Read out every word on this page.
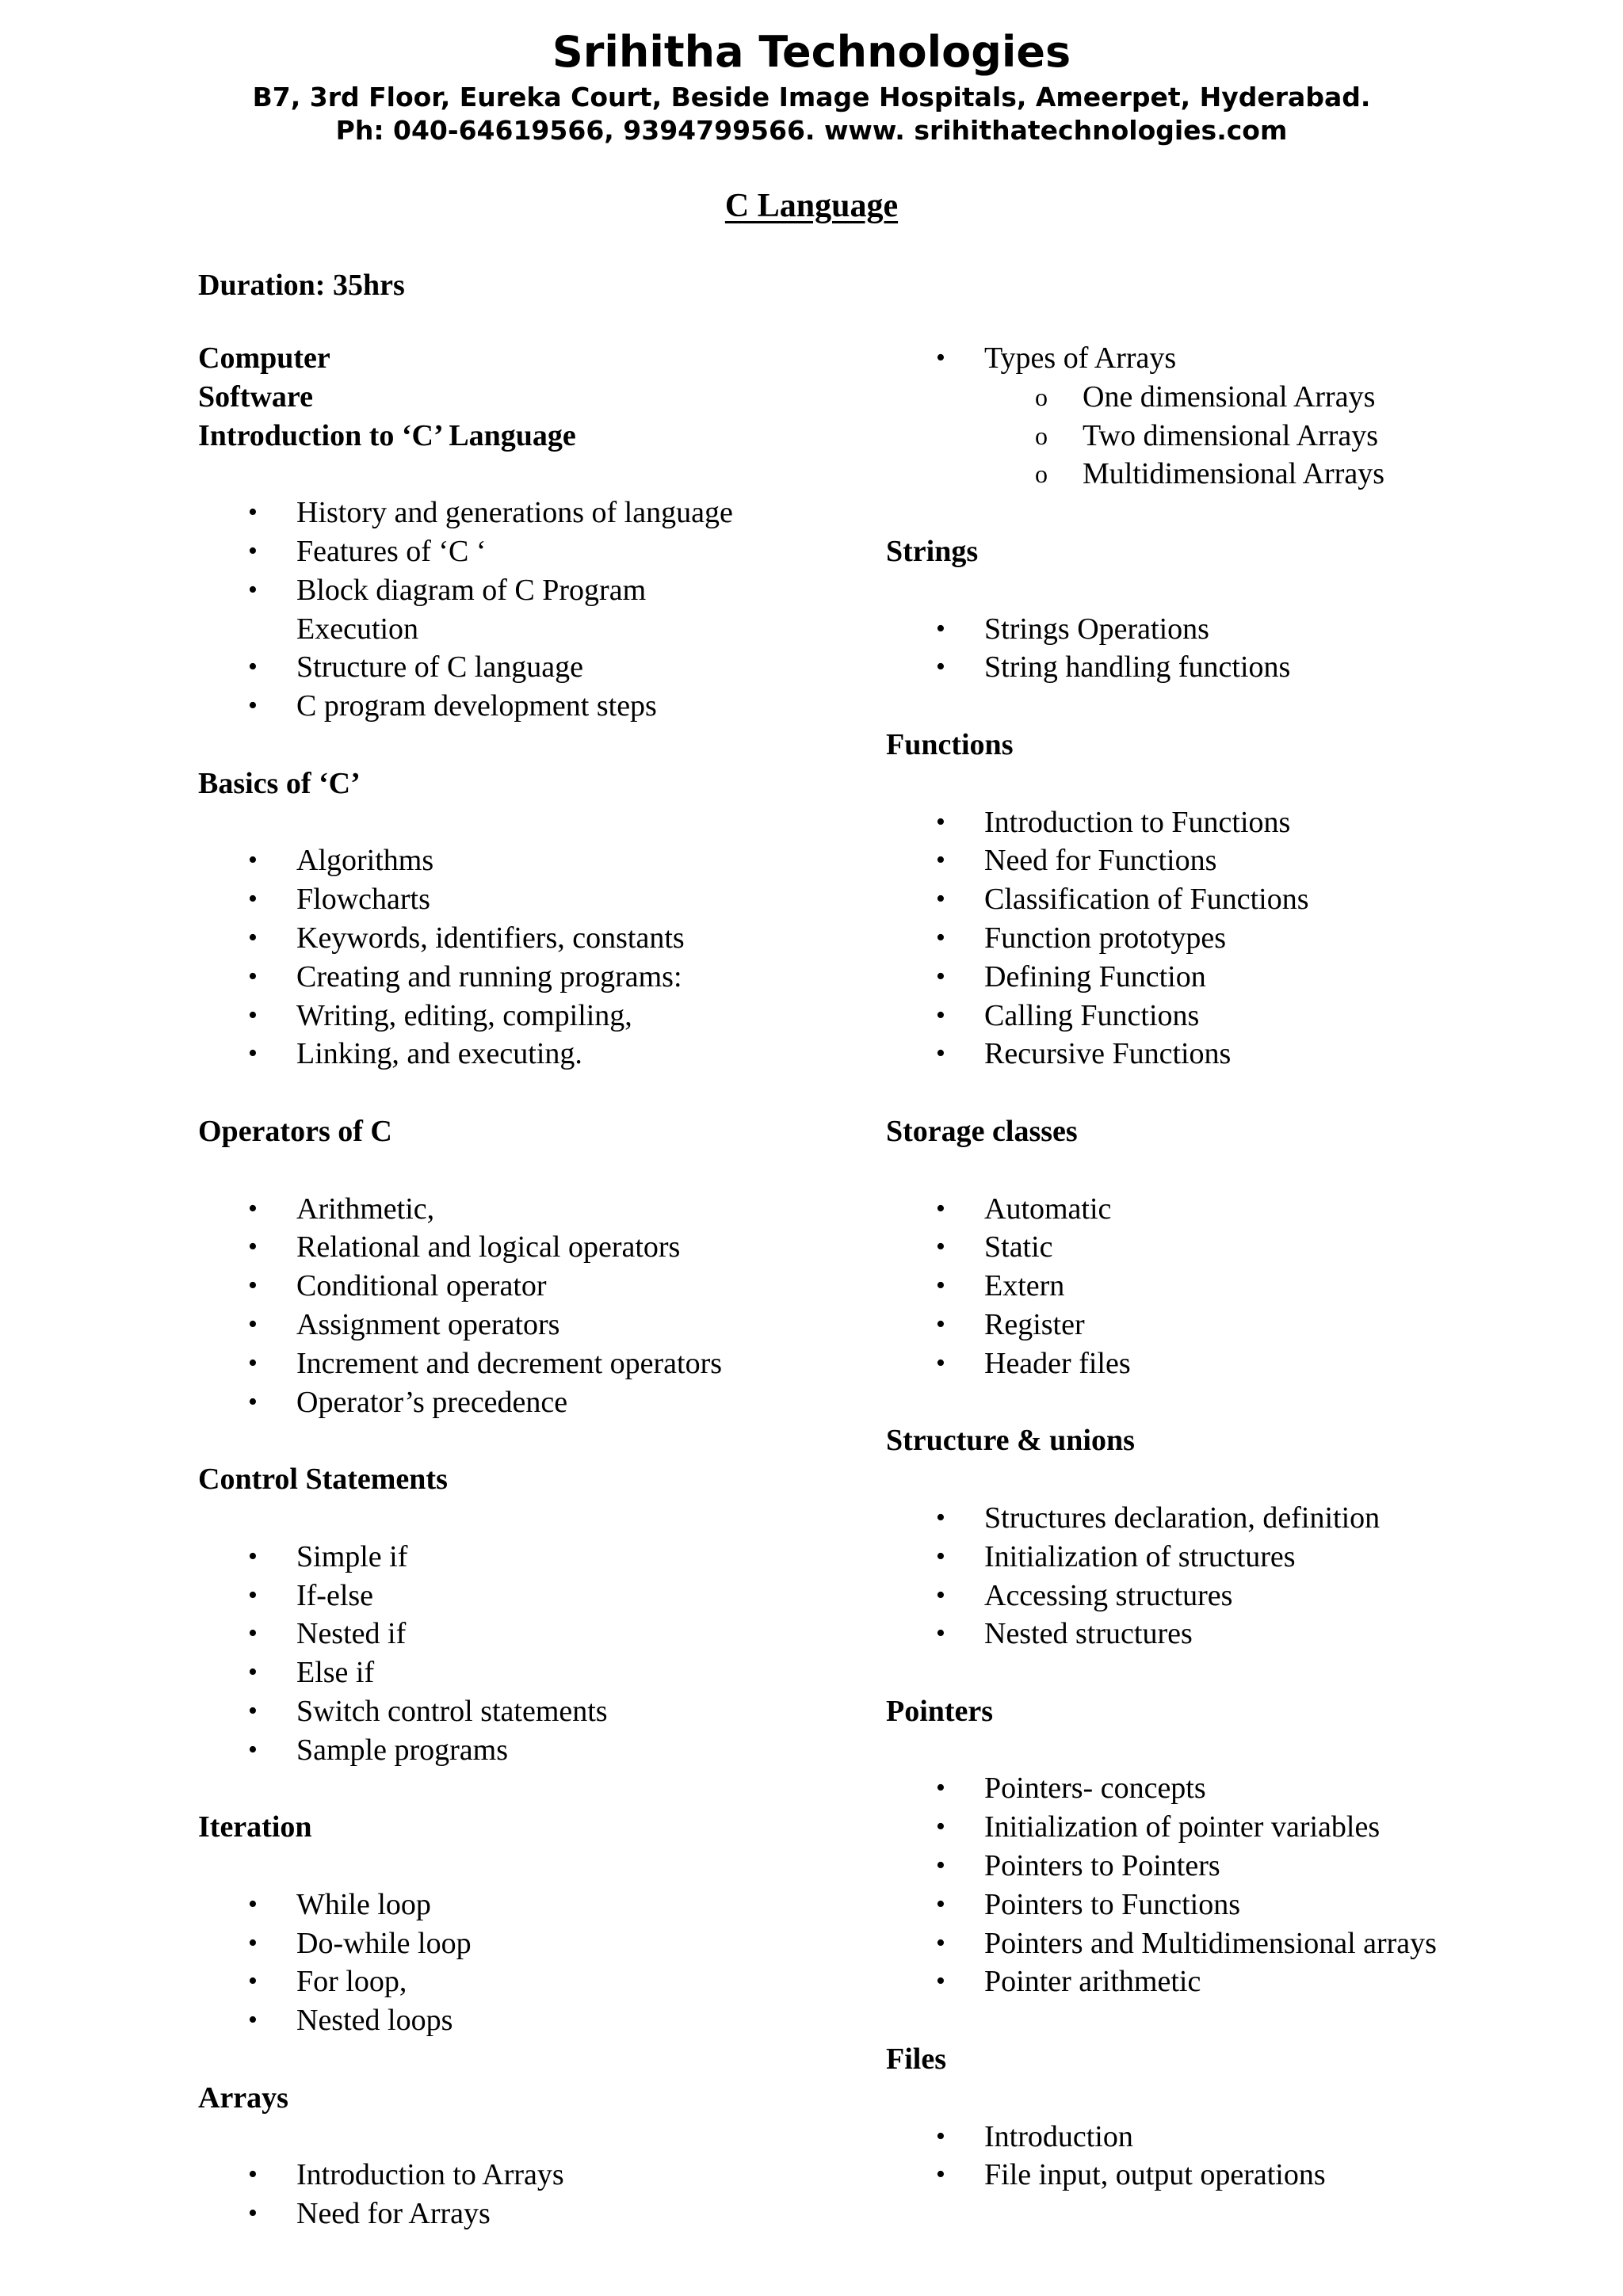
Srihitha Technologies

B7, 3rd Floor, Eureka Court, Beside Image Hospitals, Ameerpet, Hyderabad.

Ph: 040-64619566, 9394799566. www. srihithatechnologies.com

C Language

Duration: 35hrs

Computer

Software

Introduction to ‘C’ Language

• History and generations of language
• Features of ‘C ‘
• Block diagram of C Program Execution
• Structure of C language
• C program development steps

Basics of ‘C’

• Algorithms
• Flowcharts
• Keywords, identifiers, constants
• Creating and running programs:
• Writing, editing, compiling,
• Linking, and executing.

Operators of C

• Arithmetic,
• Relational and logical operators
• Conditional operator
• Assignment operators
• Increment and decrement operators
• Operator’s precedence

Control Statements

• Simple if
• If-else
• Nested if
• Else if
• Switch control statements
• Sample programs

Iteration

• While loop
• Do-while loop
• For loop,
• Nested loops

Arrays

• Introduction to Arrays
• Need for Arrays
• Types of Arrays
o One dimensional Arrays
o Two dimensional Arrays
o Multidimensional Arrays

Strings

• Strings Operations
• String handling functions

Functions

• Introduction to Functions
• Need for Functions
• Classification of Functions
• Function prototypes
• Defining Function
• Calling Functions
• Recursive Functions

Storage classes

• Automatic
• Static
• Extern
• Register
• Header files

Structure & unions

• Structures declaration, definition
• Initialization of structures
• Accessing structures
• Nested structures

Pointers

• Pointers- concepts
• Initialization of pointer variables
• Pointers to Pointers
• Pointers to Functions
• Pointers and Multidimensional arrays
• Pointer arithmetic

Files

• Introduction
• File input, output operations
